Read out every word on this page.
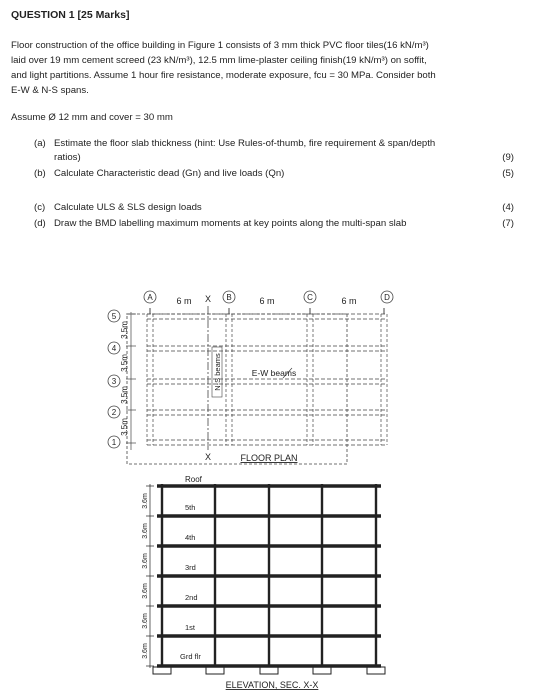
QUESTION 1 [25 Marks]
Floor construction of the office building in Figure 1 consists of 3 mm thick PVC floor tiles(16 kN/m³)
laid over 19 mm cement screed (23 kN/m³), 12.5 mm lime-plaster ceiling finish(19 kN/m³) on soffit,
and light partitions. Assume 1 hour fire resistance, moderate exposure, fcu = 30 MPa. Consider both
E-W & N-S spans.
Assume Ø 12 mm and cover = 30 mm
(a) Estimate the floor slab thickness (hint: Use Rules-of-thumb, fire requirement & span/depth
ratios)	(9)
(b) Calculate Characteristic dead (Gn) and live loads (Qn)	(5)
(c) Calculate ULS & SLS design loads	(4)
(d) Draw the BMD labelling maximum moments at key points along the multi-span slab	(7)
A	B	C	D
5
4
3
2
1
6 m	6 m	6 m
X
X
3.5m
3.5m
3.5m
3.5m
N-S beams	E-W beams
FLOOR PLAN
Roof
5th
4th
3rd
2nd
1st
Grd flr
3.6m
3.6m
3.6m
3.6m
3.6m
3.6m
ELEVATION, SEC. X-X
